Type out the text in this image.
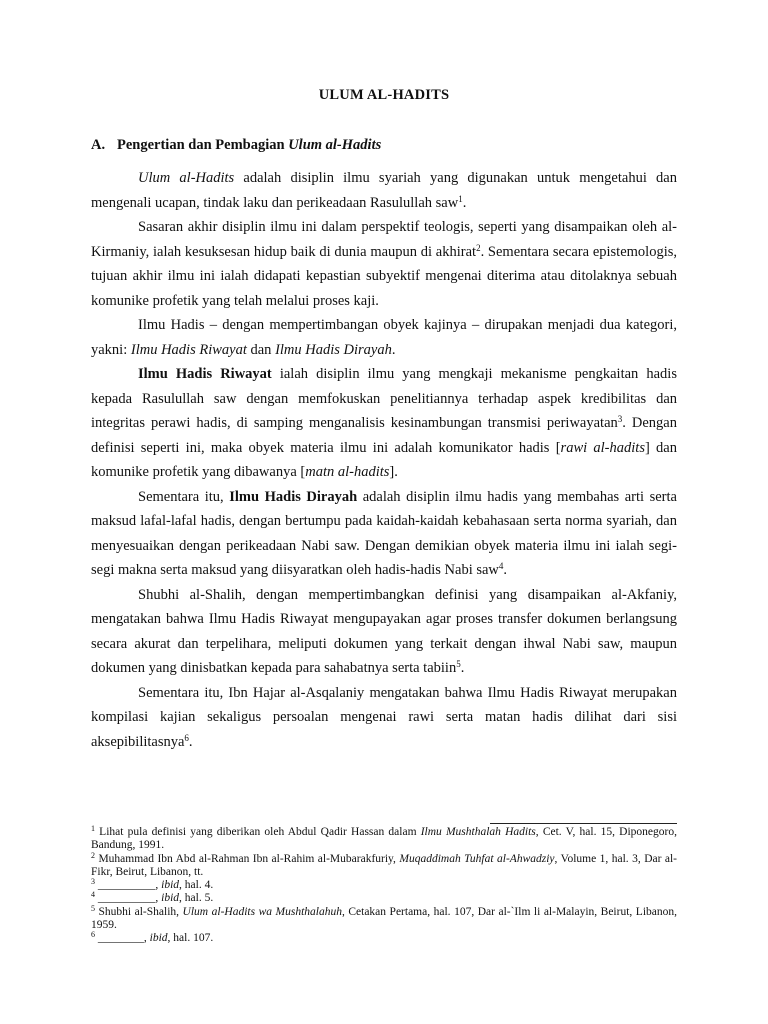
ULUM AL-HADITS
A. Pengertian dan Pembagian Ulum al-Hadits

Ulum al-Hadits adalah disiplin ilmu syariah yang digunakan untuk mengetahui dan mengenali ucapan, tindak laku dan perikeadaan Rasulullah saw$^1$.

Sasaran akhir disiplin ilmu ini dalam perspektif teologis, seperti yang disampaikan oleh al-Kirmaniy, ialah kesuksesan hidup baik di dunia maupun di akhirat$^2$. Sementara secara epistemologis, tujuan akhir ilmu ini ialah didapati kepastian subyektif mengenai diterima atau ditolaknya sebuah komunike profetik yang telah melalui proses kaji.

Ilmu Hadis – dengan mempertimbangan obyek kajinya – dirupakan menjadi dua kategori, yakni: Ilmu Hadis Riwayat dan Ilmu Hadis Dirayah.

Ilmu Hadis Riwayat ialah disiplin ilmu yang mengkaji mekanisme pengkaitan hadis kepada Rasulullah saw dengan memfokuskan penelitiannya terhadap aspek kredibilitas dan integritas perawi hadis, di samping menganalisis kesinambungan transmisi periwayatan$^3$. Dengan definisi seperti ini, maka obyek materia ilmu ini adalah komunikator hadis [rawi al-hadits] dan komunike profetik yang dibawanya [matn al-hadits].

Sementara itu, Ilmu Hadis Dirayah adalah disiplin ilmu hadis yang membahas arti serta maksud lafal-lafal hadis, dengan bertumpu pada kaidah-kaidah kebahasaan serta norma syariah, dan menyesuaikan dengan perikeadaan Nabi saw. Dengan demikian obyek materia ilmu ini ialah segi-segi makna serta maksud yang diisyaratkan oleh hadis-hadis Nabi saw$^4$.

Shubhi al-Shalih, dengan mempertimbangkan definisi yang disampaikan al-Akfaniy, mengatakan bahwa Ilmu Hadis Riwayat mengupayakan agar proses transfer dokumen berlangsung secara akurat dan terpelihara, meliputi dokumen yang terkait dengan ihwal Nabi saw, maupun dokumen yang dinisbatkan kepada para sahabatnya serta tabiin$^5$.

Sementara itu, Ibn Hajar al-Asqalaniy mengatakan bahwa Ilmu Hadis Riwayat merupakan kompilasi kajian sekaligus persoalan mengenai rawi serta matan hadis dilihat dari sisi aksepibilitasnya$^6$.

$^1$ Lihat pula definisi yang diberikan oleh Abdul Qadir Hassan dalam Ilmu Mushthalah Hadits, Cet. V, hal. 15, Diponegoro, Bandung, 1991.

$^2$ Muhammad Ibn Abd al-Rahman Ibn al-Rahim al-Mubarakfuriy, Muqaddimah Tuhfat al-Ahwadziy, Volume 1, hal. 3, Dar al-Fikr, Beirut, Libanon, tt.

$^3$ __________, ibid, hal. 4.

$^4$ __________, ibid, hal. 5.

$^5$ Shubhi al-Shalih, Ulum al-Hadits wa Mushthalahuh, Cetakan Pertama, hal. 107, Dar al-`Ilm li al-Malayin, Beirut, Libanon, 1959.

$^6$ ________, ibid, hal. 107.
